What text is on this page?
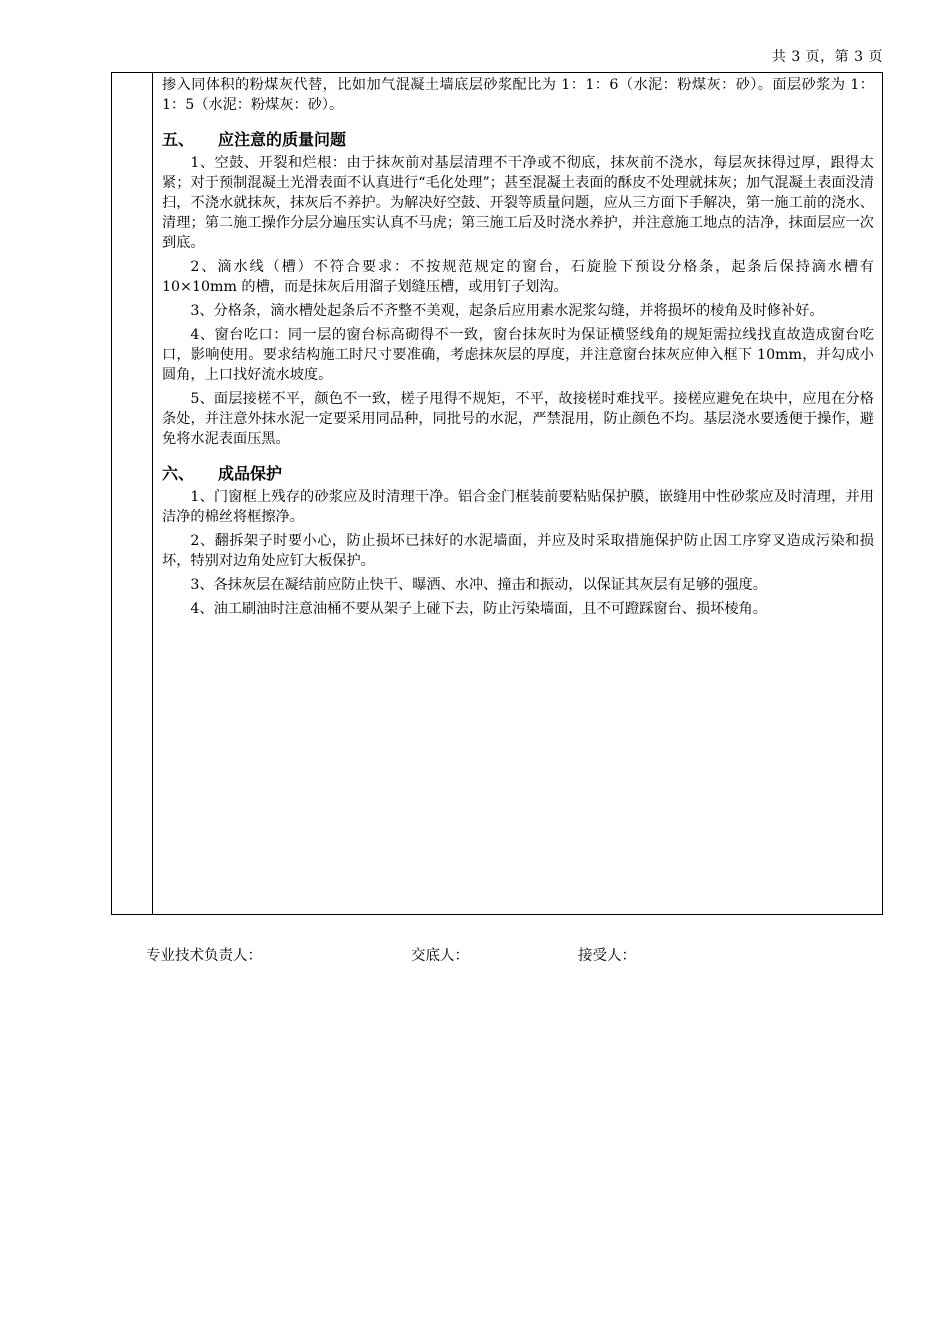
共 3 页，第 3 页

掺入同体积的粉煤灰代替，比如加气混凝土墙底层砂浆配比为 1：1：6（水泥：粉煤灰：砂）。面层砂浆为 1：1：5（水泥：粉煤灰：砂）。

五、 应注意的质量问题

1、空鼓、开裂和烂根：由于抹灰前对基层清理不干净或不彻底，抹灰前不浇水，每层灰抹得过厚，跟得太紧；对于预制混凝土光滑表面不认真进行“毛化处理”；甚至混凝土表面的酥皮不处理就抹灰；加气混凝土表面没清扫，不浇水就抹灰，抹灰后不养护。为解决好空鼓、开裂等质量问题，应从三方面下手解决，第一施工前的浇水、清理；第二施工操作分层分遍压实认真不马虎；第三施工后及时浇水养护，并注意施工地点的洁净，抹面层应一次到底。

2、滴水线（槽）不符合要求：不按规范规定的窗台，石旋脸下预设分格条，起条后保持滴水槽有 10×10mm 的槽，而是抹灰后用溜子划缝压槽，或用钉子划沟。

3、分格条，滴水槽处起条后不齐整不美观，起条后应用素水泥浆勾缝，并将损坏的棱角及时修补好。

4、窗台吃口：同一层的窗台标高砌得不一致，窗台抹灰时为保证横竖线角的规矩需拉线找直故造成窗台吃口，影响使用。要求结构施工时尺寸要准确，考虑抹灰层的厚度，并注意窗台抹灰应伸入框下 10mm，并勾成小圆角，上口找好流水坡度。

5、面层接槎不平，颜色不一致，槎子甩得不规矩，不平，故接槎时难找平。接槎应避免在块中，应甩在分格条处，并注意外抹水泥一定要采用同品种，同批号的水泥，严禁混用，防止颜色不均。基层浇水要透便于操作，避免将水泥表面压黑。

六、 成品保护

1、门窗框上残存的砂浆应及时清理干净。铝合金门框装前要粘贴保护膜，嵌缝用中性砂浆应及时清理，并用洁净的棉丝将框擦净。

2、翻拆架子时要小心，防止损坏已抹好的水泥墙面，并应及时采取措施保护防止因工序穿叉造成污染和损坏，特别对边角处应钉大板保护。

3、各抹灰层在凝结前应防止快干、曝洒、水冲、撞击和振动，以保证其灰层有足够的强度。

4、油工刷油时注意油桶不要从架子上碰下去，防止污染墙面，且不可蹬踩窗台、损坏棱角。

专业技术负责人：	交底人：	接受人：
